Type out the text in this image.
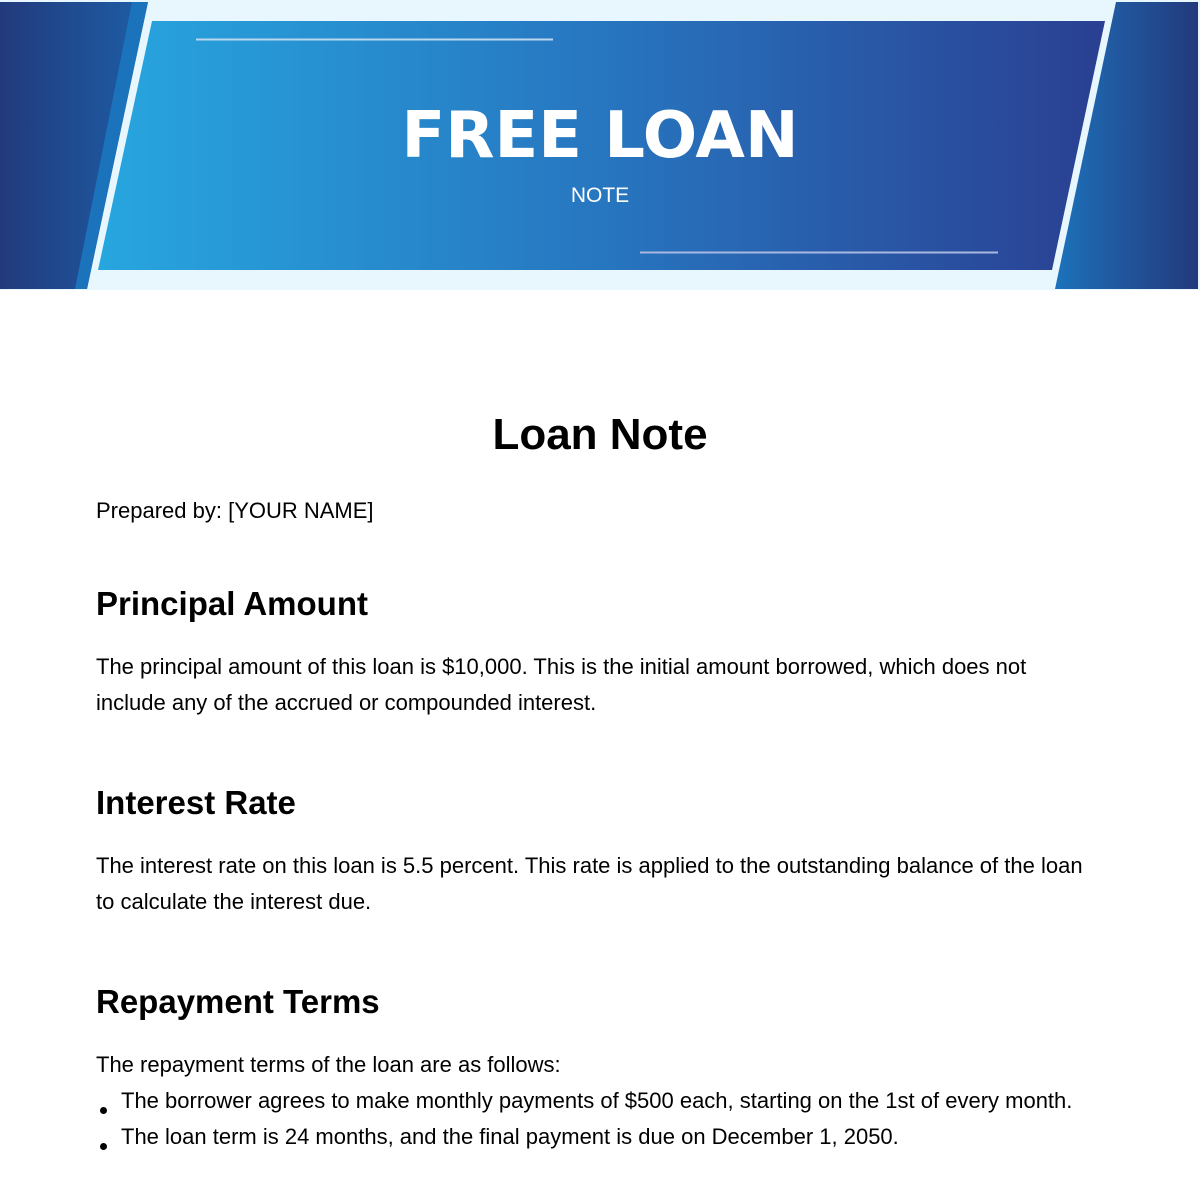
FREE LOAN

NOTE

Loan Note

Prepared by: [YOUR NAME]

Principal Amount

The principal amount of this loan is $10,000. This is the initial amount borrowed, which does not include any of the accrued or compounded interest.

Interest Rate

The interest rate on this loan is 5.5 percent. This rate is applied to the outstanding balance of the loan to calculate the interest due.

Repayment Terms

The repayment terms of the loan are as follows:

The borrower agrees to make monthly payments of $500 each, starting on the 1st of every month.
The loan term is 24 months, and the final payment is due on December 1, 2050.
